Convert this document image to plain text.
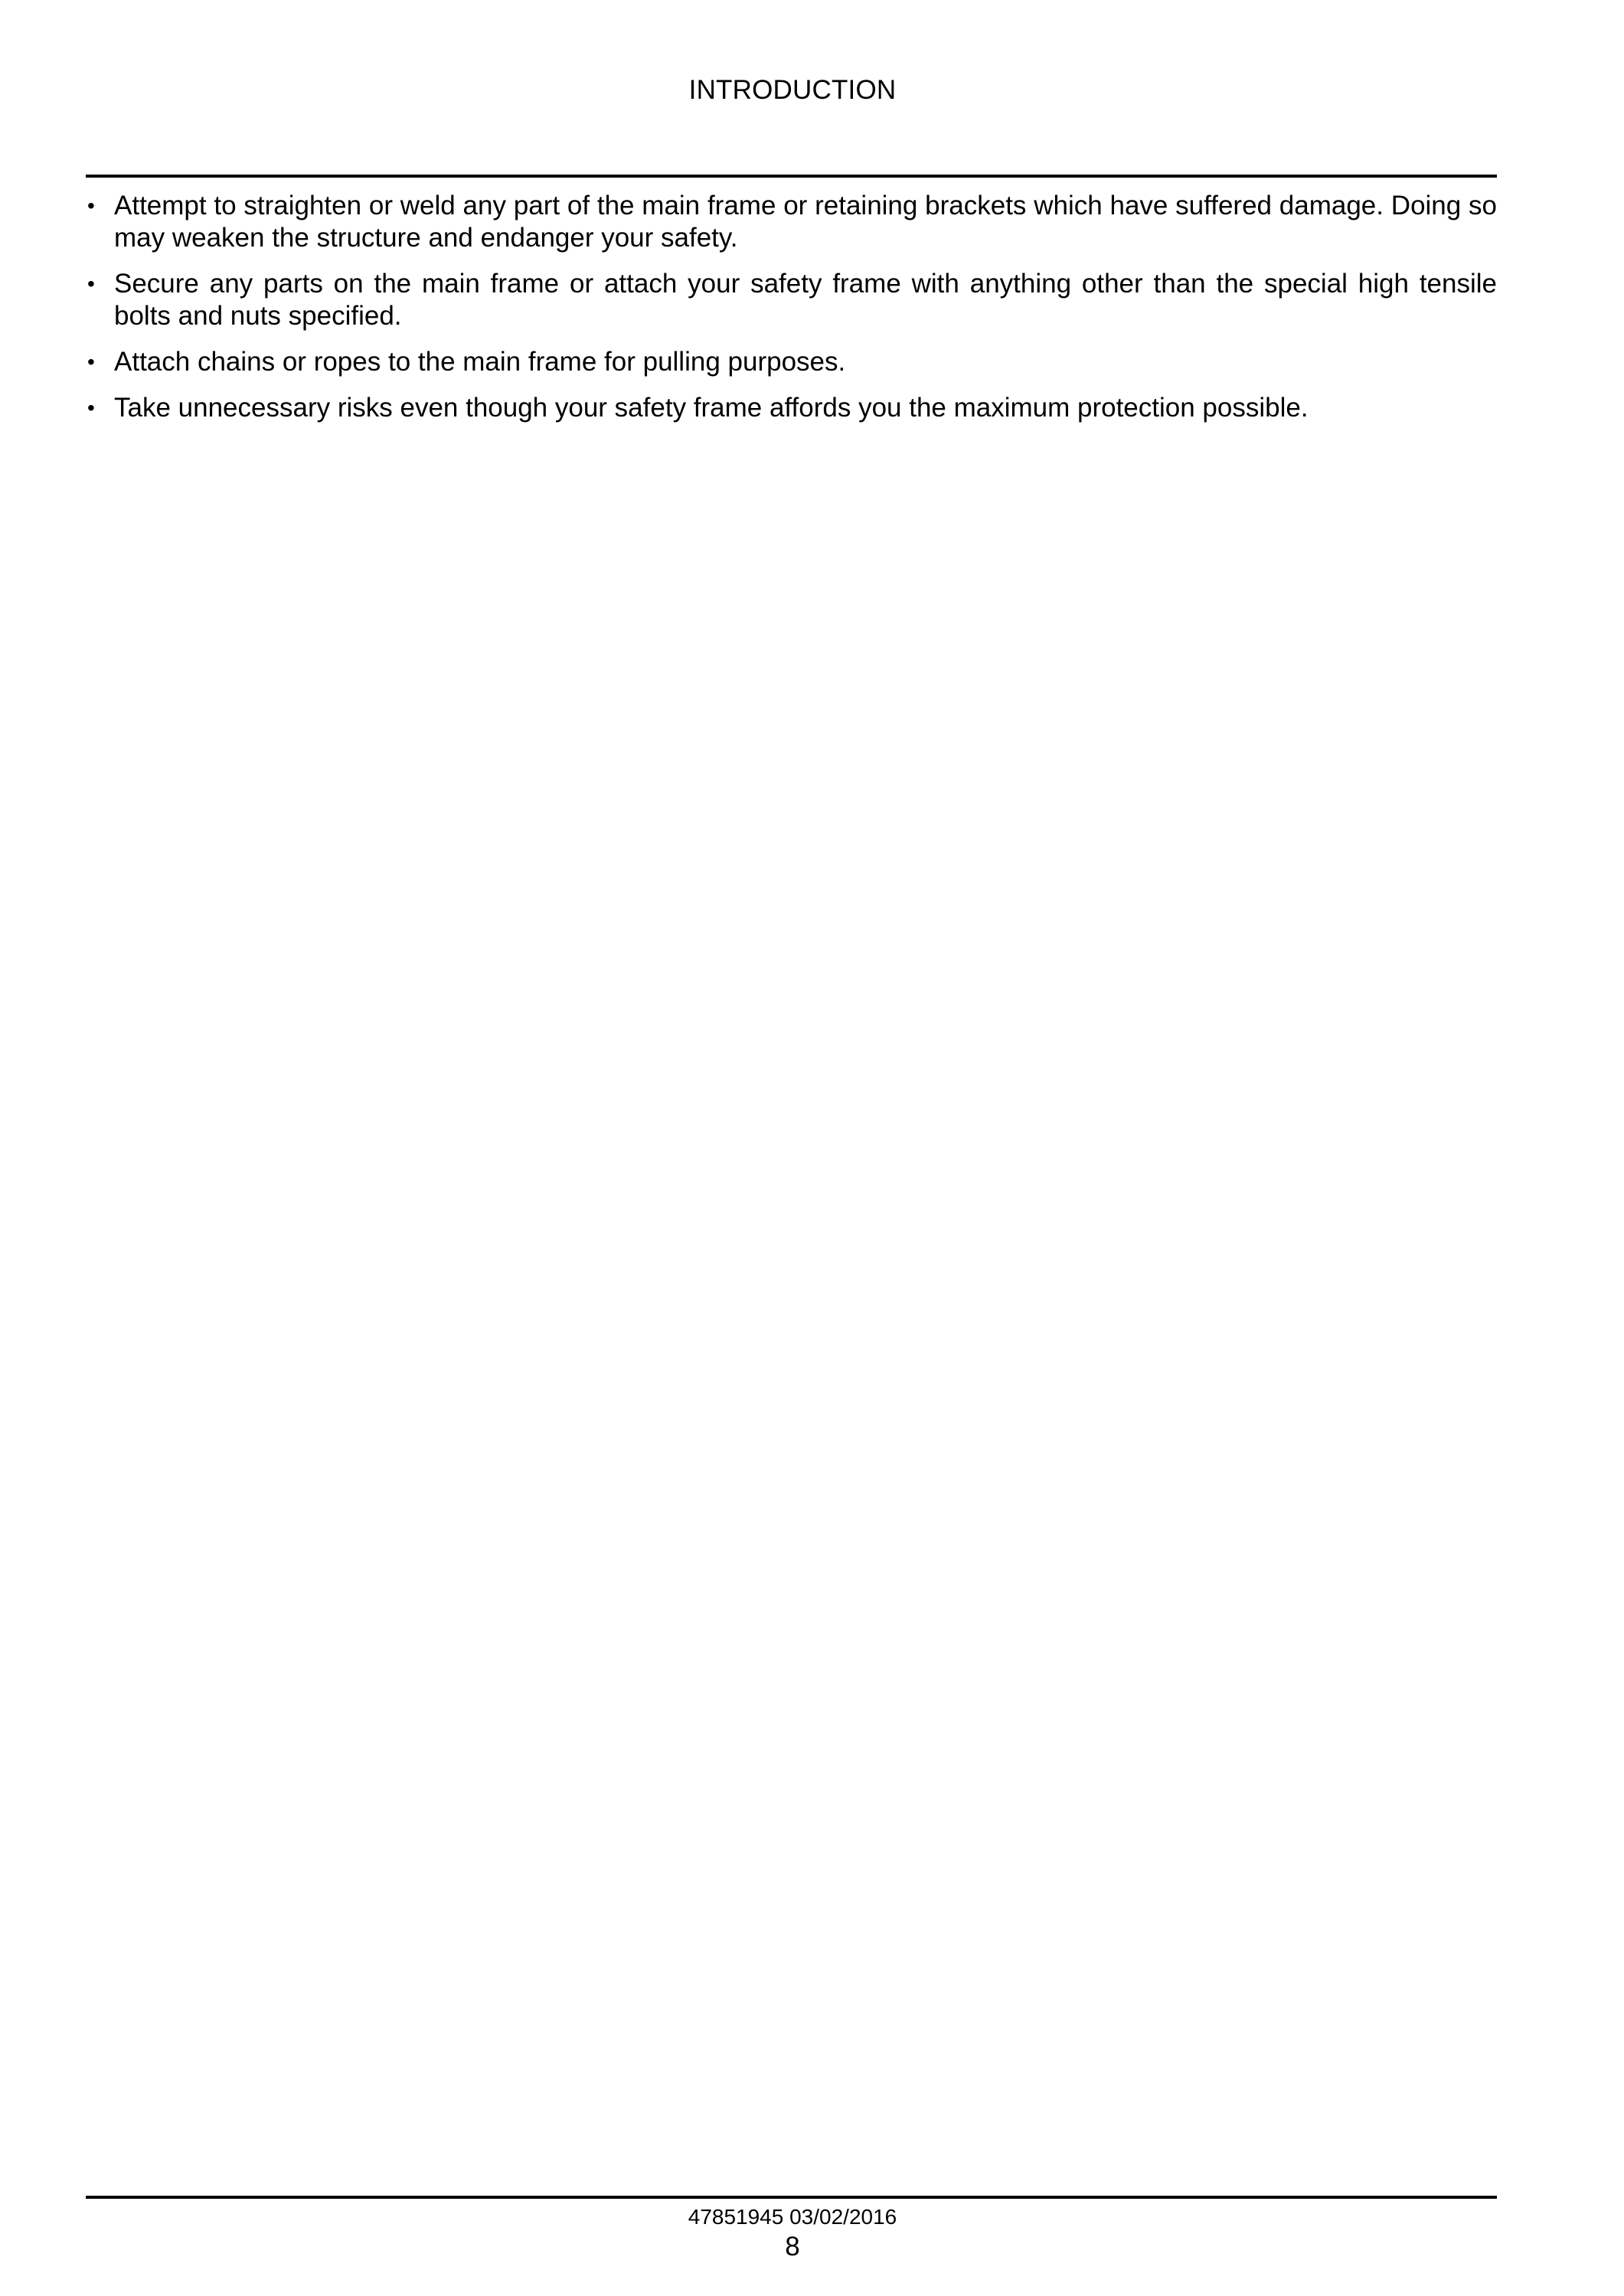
INTRODUCTION
• Attempt to straighten or weld any part of the main frame or retaining brackets which have suffered damage. Doing so may weaken the structure and endanger your safety.
• Secure any parts on the main frame or attach your safety frame with anything other than the special high tensile bolts and nuts specified.
• Attach chains or ropes to the main frame for pulling purposes.
• Take unnecessary risks even though your safety frame affords you the maximum protection possible.
47851945 03/02/2016
8
